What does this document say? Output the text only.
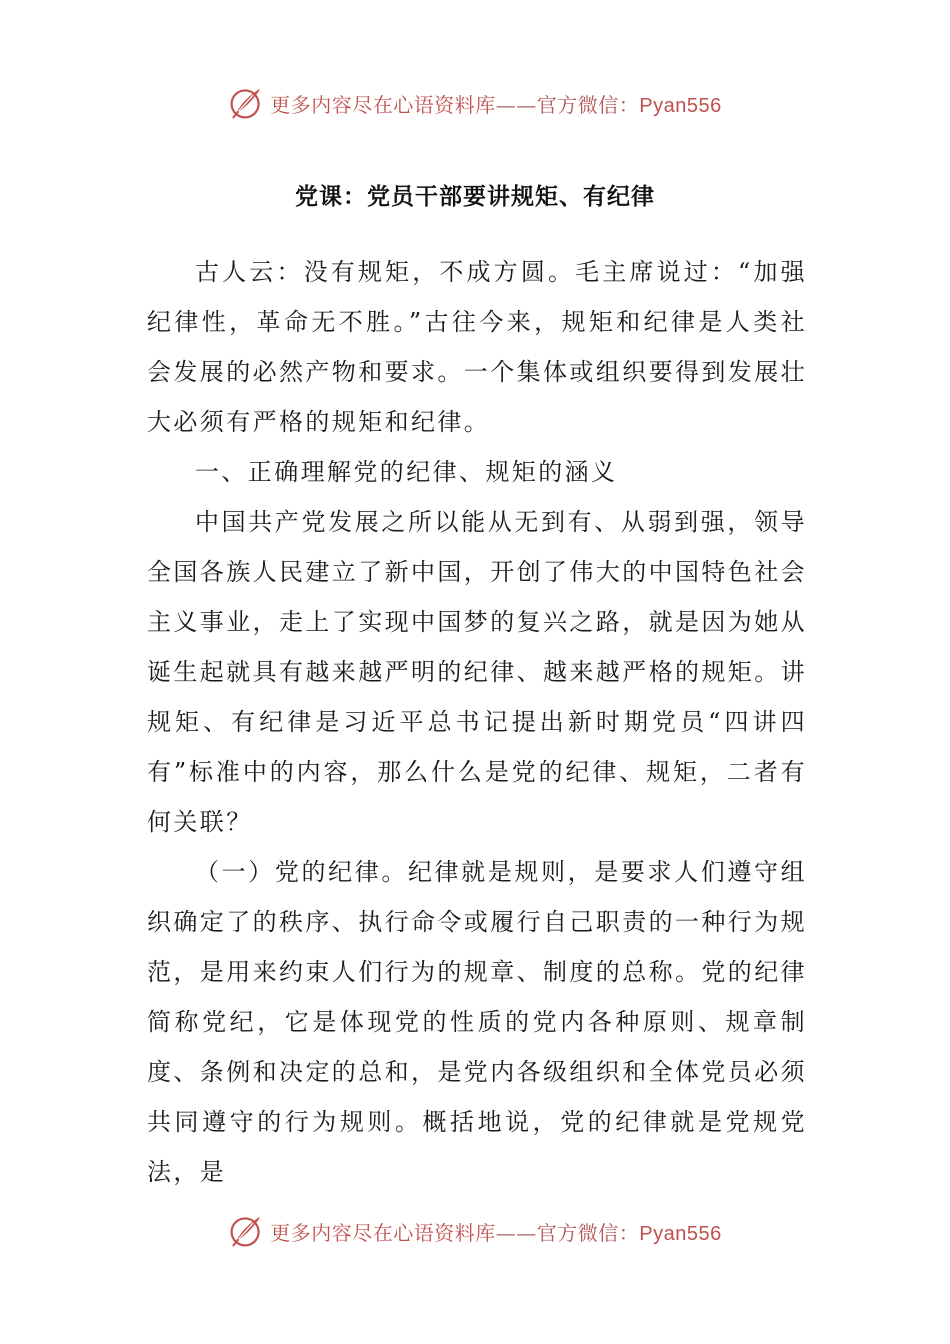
更多内容尽在心语资料库——官方微信：Pyan556
党课：党员干部要讲规矩、有纪律

古人云：没有规矩，不成方圆。毛主席说过：“加强纪律性，革命无不胜。”古往今来，规矩和纪律是人类社会发展的必然产物和要求。一个集体或组织要得到发展壮大必须有严格的规矩和纪律。

一、正确理解党的纪律、规矩的涵义

中国共产党发展之所以能从无到有、从弱到强，领导全国各族人民建立了新中国，开创了伟大的中国特色社会主义事业，走上了实现中国梦的复兴之路，就是因为她从诞生起就具有越来越严明的纪律、越来越严格的规矩。讲规矩、有纪律是习近平总书记提出新时期党员“四讲四有”标准中的内容，那么什么是党的纪律、规矩，二者有何关联？

（一）党的纪律。纪律就是规则，是要求人们遵守组织确定了的秩序、执行命令或履行自己职责的一种行为规范，是用来约束人们行为的规章、制度的总称。党的纪律简称党纪，它是体现党的性质的党内各种原则、规章制度、条例和决定的总和，是党内各级组织和全体党员必须共同遵守的行为规则。概括地说，党的纪律就是党规党法，是

更多内容尽在心语资料库——官方微信：Pyan556
